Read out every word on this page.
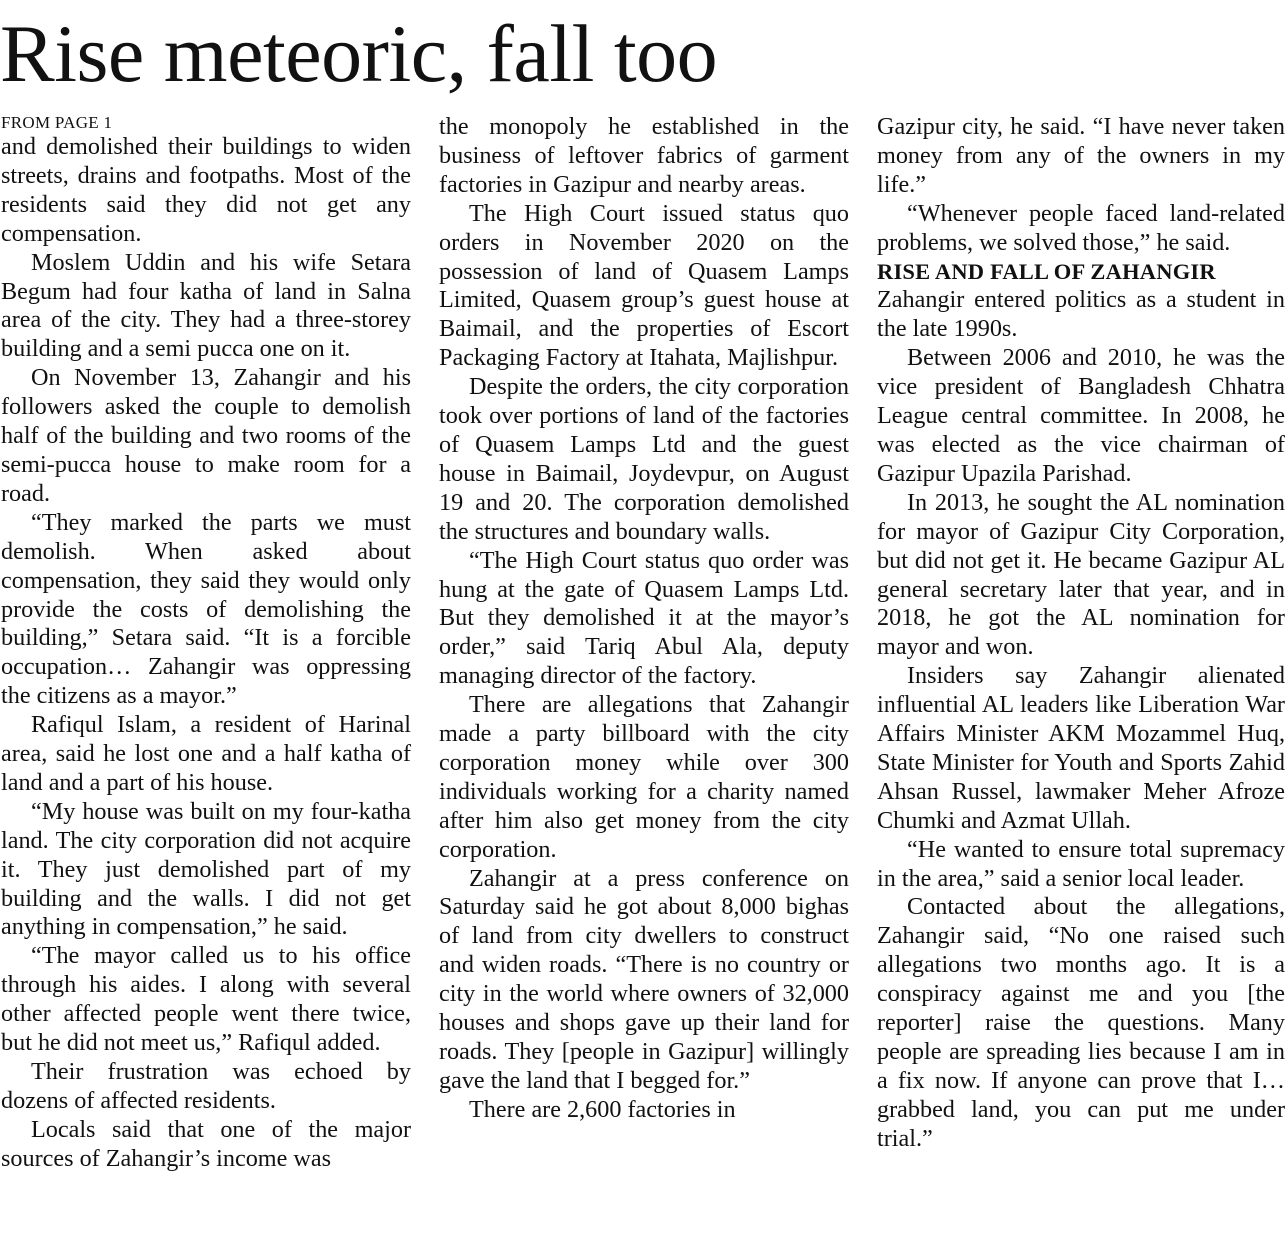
Rise meteoric, fall too
FROM PAGE 1

and demolished their buildings to widen streets, drains and footpaths. Most of the residents said they did not get any compensation.

Moslem Uddin and his wife Setara Begum had four katha of land in Salna area of the city. They had a three-storey building and a semi pucca one on it.

On November 13, Zahangir and his followers asked the couple to demolish half of the building and two rooms of the semi-pucca house to make room for a road.

“They marked the parts we must demolish. When asked about compensation, they said they would only provide the costs of demolishing the building,” Setara said. “It is a forcible occupation… Zahangir was oppressing the citizens as a mayor.”

Rafiqul Islam, a resident of Harinal area, said he lost one and a half katha of land and a part of his house.

“My house was built on my four-katha land. The city corporation did not acquire it. They just demolished part of my building and the walls. I did not get anything in compensation,” he said.

“The mayor called us to his office through his aides. I along with several other affected people went there twice, but he did not meet us,” Rafiqul added.

Their frustration was echoed by dozens of affected residents.

Locals said that one of the major sources of Zahangir’s income was

the monopoly he established in the business of leftover fabrics of garment factories in Gazipur and nearby areas.

The High Court issued status quo orders in November 2020 on the possession of land of Quasem Lamps Limited, Quasem group’s guest house at Baimail, and the properties of Escort Packaging Factory at Itahata, Majlishpur.

Despite the orders, the city corporation took over portions of land of the factories of Quasem Lamps Ltd and the guest house in Baimail, Joydevpur, on August 19 and 20. The corporation demolished the structures and boundary walls.

“The High Court status quo order was hung at the gate of Quasem Lamps Ltd. But they demolished it at the mayor’s order,” said Tariq Abul Ala, deputy managing director of the factory.

There are allegations that Zahangir made a party billboard with the city corporation money while over 300 individuals working for a charity named after him also get money from the city corporation.

Zahangir at a press conference on Saturday said he got about 8,000 bighas of land from city dwellers to construct and widen roads. “There is no country or city in the world where owners of 32,000 houses and shops gave up their land for roads. They [people in Gazipur] willingly gave the land that I begged for.”

There are 2,600 factories in

Gazipur city, he said. “I have never taken money from any of the owners in my life.”

“Whenever people faced land-related problems, we solved those,” he said.

RISE AND FALL OF ZAHANGIR

Zahangir entered politics as a student in the late 1990s.

Between 2006 and 2010, he was the vice president of Bangladesh Chhatra League central committee. In 2008, he was elected as the vice chairman of Gazipur Upazila Parishad.

In 2013, he sought the AL nomination for mayor of Gazipur City Corporation, but did not get it. He became Gazipur AL general secretary later that year, and in 2018, he got the AL nomination for mayor and won.

Insiders say Zahangir alienated influential AL leaders like Liberation War Affairs Minister AKM Mozammel Huq, State Minister for Youth and Sports Zahid Ahsan Russel, lawmaker Meher Afroze Chumki and Azmat Ullah.

“He wanted to ensure total supremacy in the area,” said a senior local leader.

Contacted about the allegations, Zahangir said, “No one raised such allegations two months ago. It is a conspiracy against me and you [the reporter] raise the questions. Many people are spreading lies because I am in a fix now. If anyone can prove that I… grabbed land, you can put me under trial.”
